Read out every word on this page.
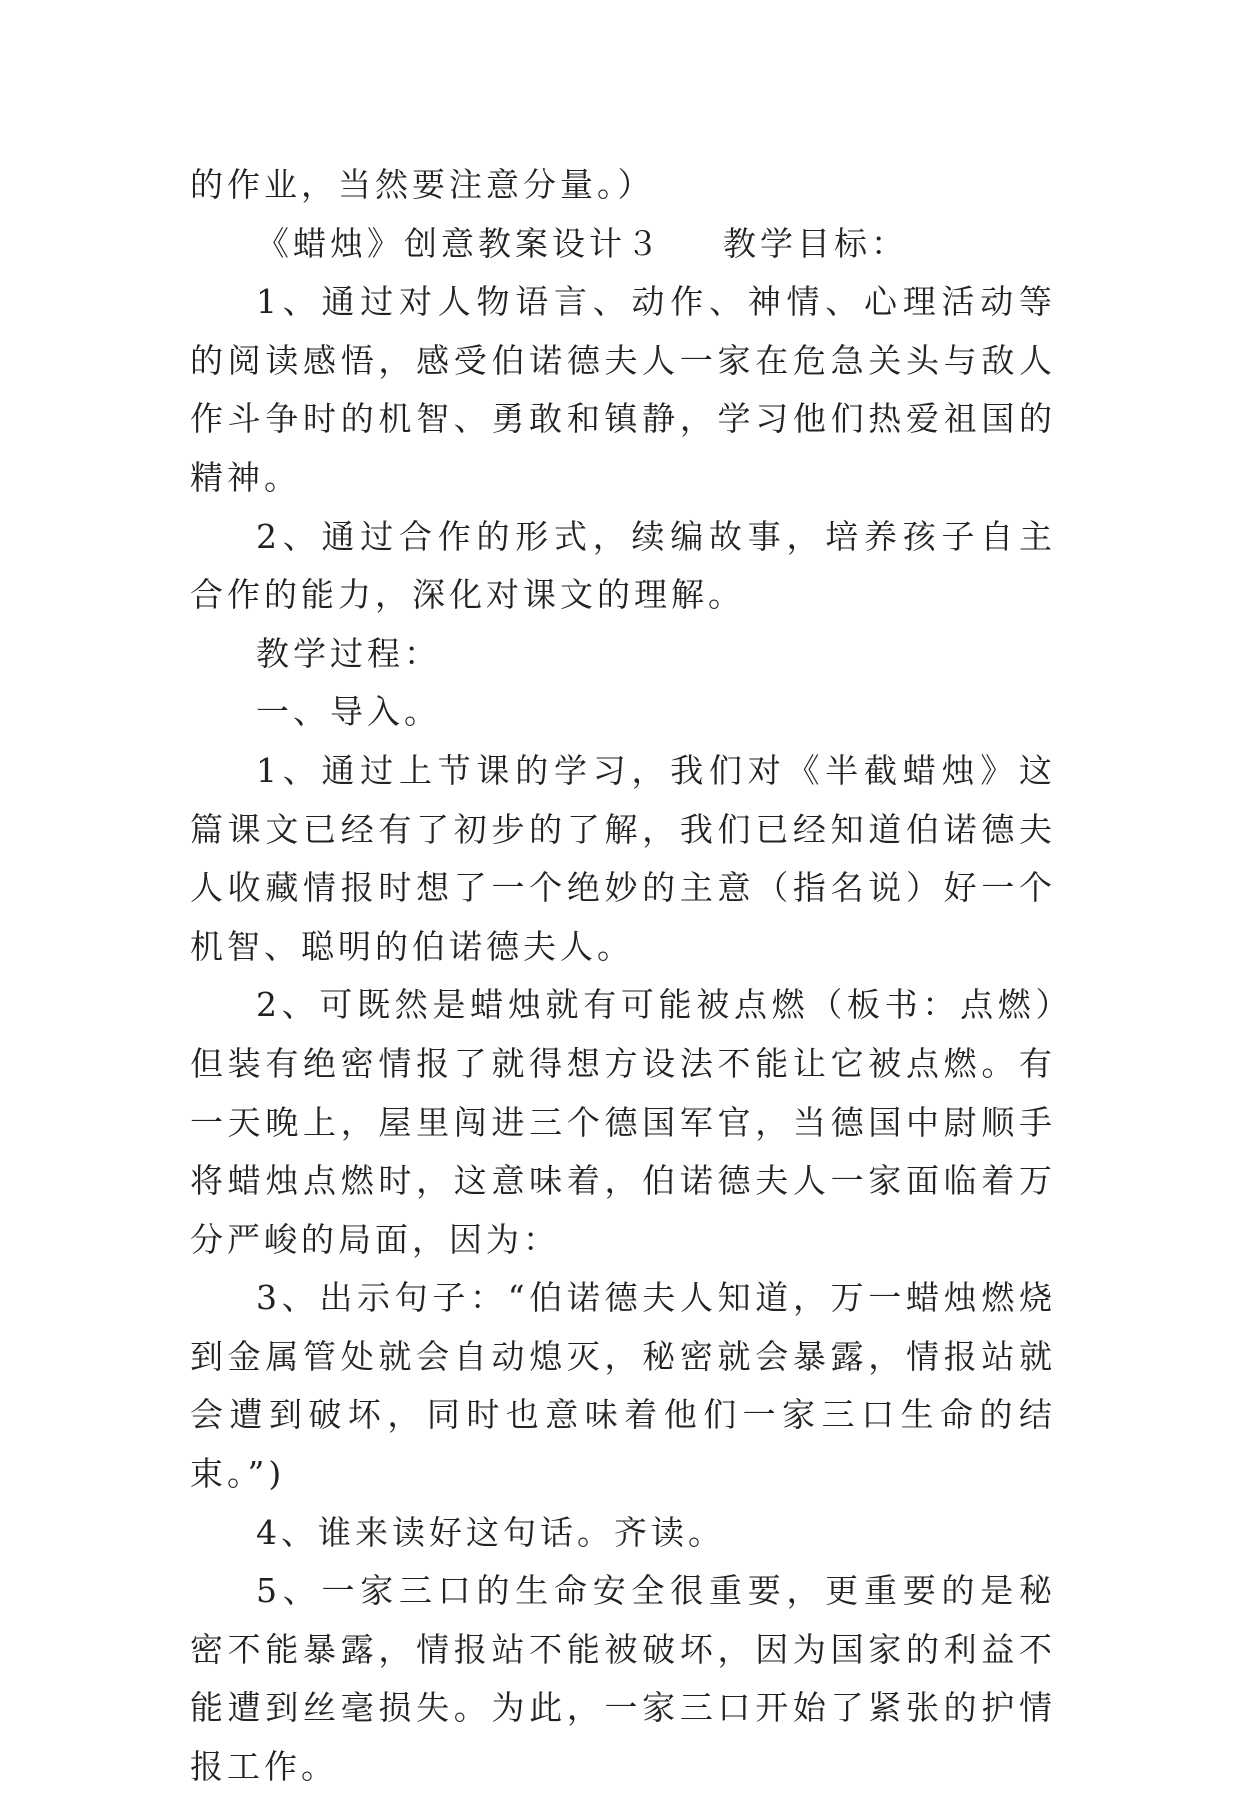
的作业，当然要注意分量。）

《蜡烛》创意教案设计３ 教学目标：

1、通过对人物语言、动作、神情、心理活动等的阅读感悟，感受伯诺德夫人一家在危急关头与敌人作斗争时的机智、勇敢和镇静，学习他们热爱祖国的精神。

2、通过合作的形式，续编故事，培养孩子自主合作的能力，深化对课文的理解。

教学过程：

一、导入。

1、通过上节课的学习，我们对《半截蜡烛》这篇课文已经有了初步的了解，我们已经知道伯诺德夫人收藏情报时想了一个绝妙的主意（指名说）好一个机智、聪明的伯诺德夫人。

2、可既然是蜡烛就有可能被点燃（板书：点燃）但装有绝密情报了就得想方设法不能让它被点燃。有一天晚上，屋里闯进三个德国军官，当德国中尉顺手将蜡烛点燃时，这意味着，伯诺德夫人一家面临着万分严峻的局面，因为：

3、出示句子：“伯诺德夫人知道，万一蜡烛燃烧到金属管处就会自动熄灭，秘密就会暴露，情报站就会遭到破坏，同时也意味着他们一家三口生命的结束。”)

4、谁来读好这句话。齐读。

5、一家三口的生命安全很重要，更重要的是秘密不能暴露，情报站不能被破坏，因为国家的利益不能遭到丝毫损失。为此，一家三口开始了紧张的护情报工作。
